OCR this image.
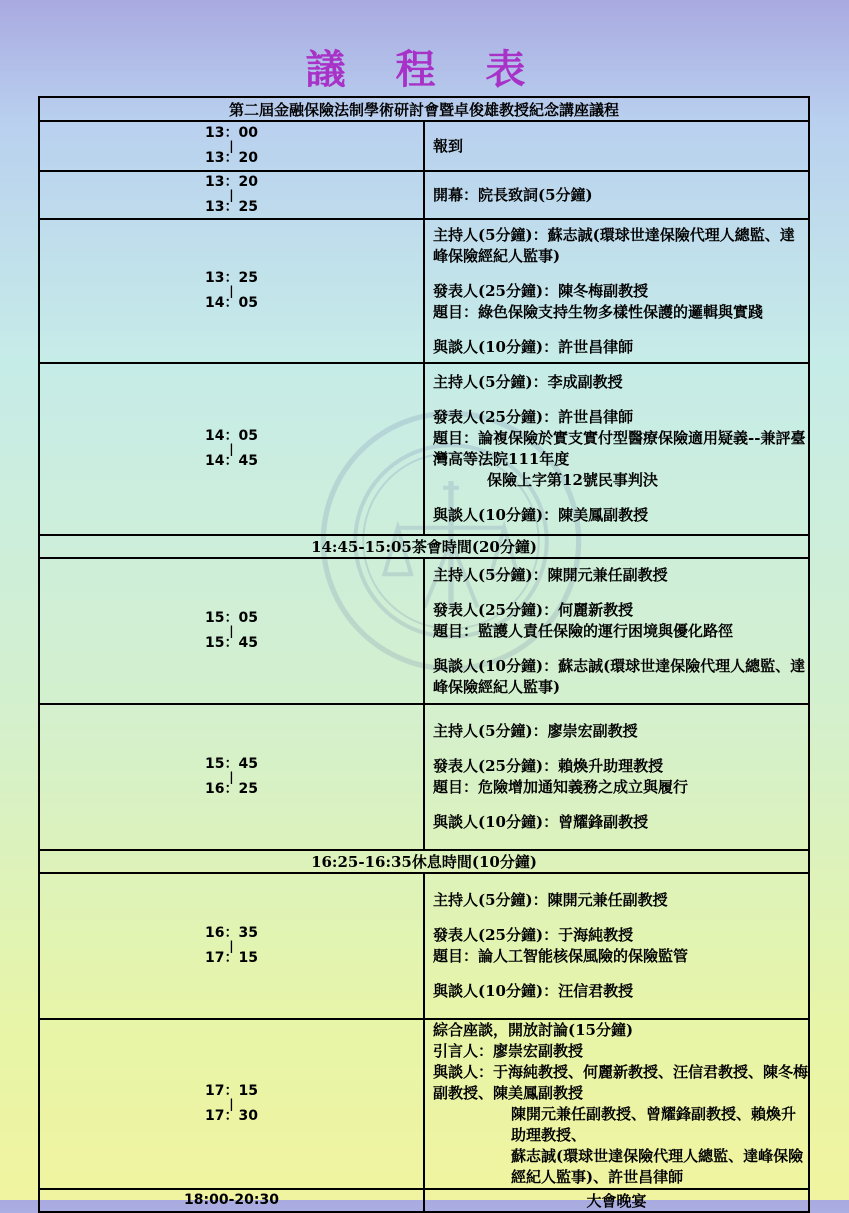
議 程 表
第二屆金融保險法制學術研討會暨卓俊雄教授紀念講座議程	

13：00
|
13：20	報到

13：20
|
13：25	開幕：院長致詞(5分鐘)

13：25
|
14：05	主持人(5分鐘)：蘇志誠(環球世達保險代理人總監、達峰保險經紀人監事)
發表人(25分鐘)：陳冬梅副教授
題目：綠色保險支持生物多樣性保護的邏輯與實踐
與談人(10分鐘)：許世昌律師

14：05
|
14：45	主持人(5分鐘)：李成副教授
發表人(25分鐘)：許世昌律師
題目：論複保險於實支實付型醫療保險適用疑義--兼評臺灣高等法院111年度
保險上字第12號民事判決
與談人(10分鐘)：陳美鳳副教授

14:45-15:05茶會時間(20分鐘)	

15：05
|
15：45	主持人(5分鐘)：陳開元兼任副教授
發表人(25分鐘)：何麗新教授
題目：監護人責任保險的運行困境與優化路徑
與談人(10分鐘)：蘇志誠(環球世達保險代理人總監、達峰保險經紀人監事)

15：45
|
16：25	主持人(5分鐘)：廖崇宏副教授
發表人(25分鐘)：賴煥升助理教授
題目：危險增加通知義務之成立與履行
與談人(10分鐘)：曾耀鋒副教授

16:25-16:35休息時間(10分鐘)	

16：35
|
17：15	主持人(5分鐘)：陳開元兼任副教授
發表人(25分鐘)：于海純教授
題目：論人工智能核保風險的保險監管
與談人(10分鐘)：汪信君教授

17：15
|
17：30	綜合座談，開放討論(15分鐘)
引言人：廖崇宏副教授
與談人：于海純教授、何麗新教授、汪信君教授、陳冬梅副教授、陳美鳳副教授
陳開元兼任副教授、曾耀鋒副教授、賴煥升助理教授、
蘇志誠(環球世達保險代理人總監、達峰保險經紀人監事)、許世昌律師

18:00-20:30	大會晚宴
